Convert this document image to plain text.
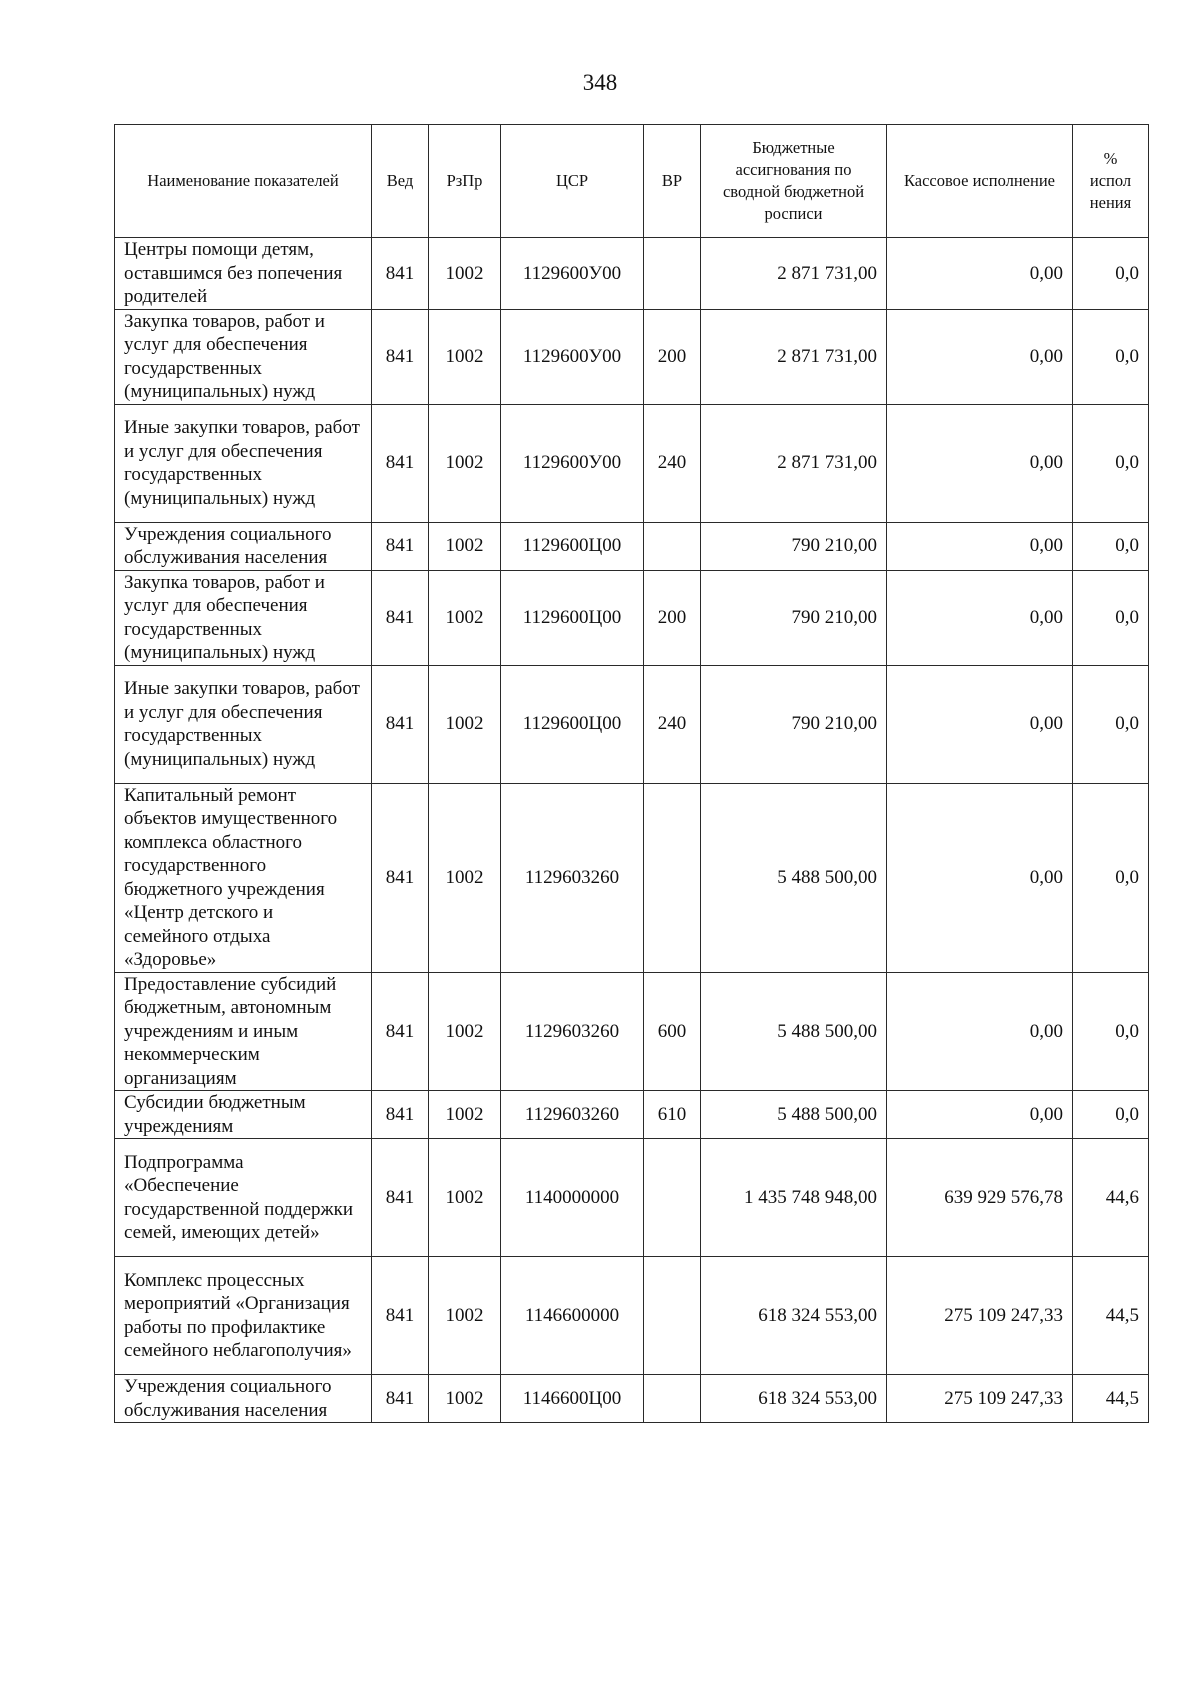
348
Наименование показателей	Вед	РзПр	ЦСР	ВР	Бюджетные ассигнования по сводной бюджетной росписи	Кассовое исполнение	% испол нения
Центры помощи детям, оставшимся без попечения родителей	841	1002	1129600У00		2 871 731,00	0,00	0,0
Закупка товаров, работ и услуг для обеспечения государственных (муниципальных) нужд	841	1002	1129600У00	200	2 871 731,00	0,00	0,0
Иные закупки товаров, работ и услуг для обеспечения государственных (муниципальных) нужд	841	1002	1129600У00	240	2 871 731,00	0,00	0,0
Учреждения социального обслуживания населения	841	1002	1129600Ц00		790 210,00	0,00	0,0
Закупка товаров, работ и услуг для обеспечения государственных (муниципальных) нужд	841	1002	1129600Ц00	200	790 210,00	0,00	0,0
Иные закупки товаров, работ и услуг для обеспечения государственных (муниципальных) нужд	841	1002	1129600Ц00	240	790 210,00	0,00	0,0
Капитальный ремонт объектов имущественного комплекса областного государственного бюджетного учреждения «Центр детского и семейного отдыха «Здоровье»	841	1002	1129603260		5 488 500,00	0,00	0,0
Предоставление субсидий бюджетным, автономным учреждениям и иным некоммерческим организациям	841	1002	1129603260	600	5 488 500,00	0,00	0,0
Субсидии бюджетным учреждениям	841	1002	1129603260	610	5 488 500,00	0,00	0,0
Подпрограмма «Обеспечение государственной поддержки семей, имеющих детей»	841	1002	1140000000		1 435 748 948,00	639 929 576,78	44,6
Комплекс процессных мероприятий «Организация работы по профилактике семейного неблагополучия»	841	1002	1146600000		618 324 553,00	275 109 247,33	44,5
Учреждения социального обслуживания населения	841	1002	1146600Ц00		618 324 553,00	275 109 247,33	44,5
